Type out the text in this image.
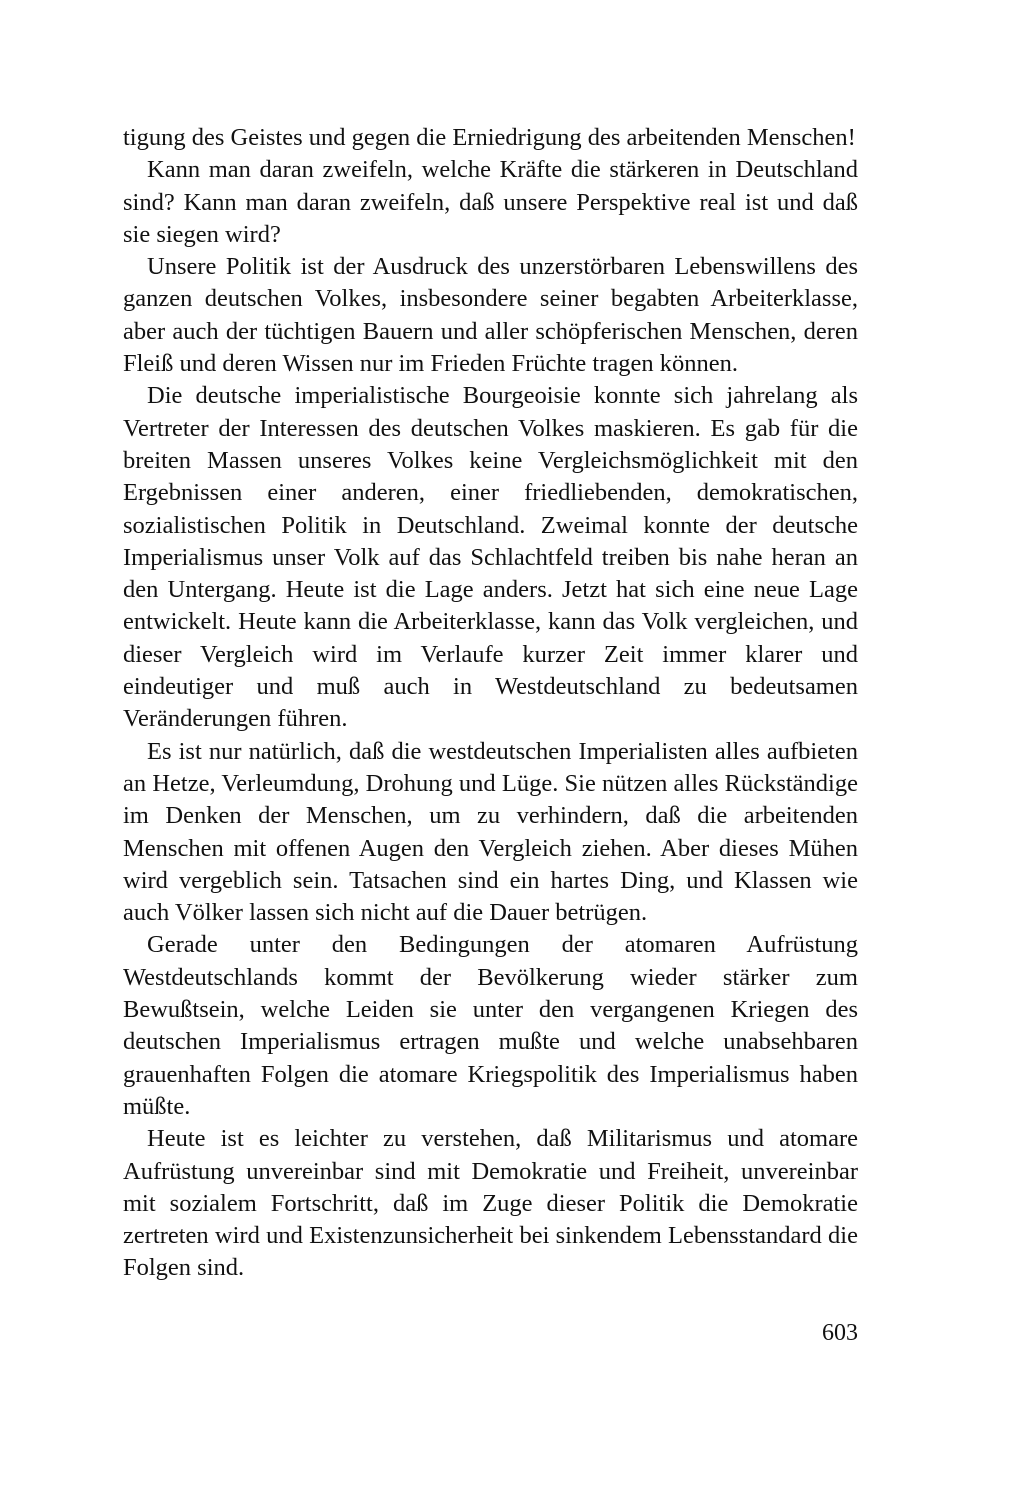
tigung des Geistes und gegen die Erniedrigung des arbeitenden Menschen!

Kann man daran zweifeln, welche Kräfte die stärkeren in Deutschland sind? Kann man daran zweifeln, daß unsere Perspektive real ist und daß sie siegen wird?

Unsere Politik ist der Ausdruck des unzerstörbaren Lebenswillens des ganzen deutschen Volkes, insbesondere seiner begabten Arbeiterklasse, aber auch der tüchtigen Bauern und aller schöpferischen Menschen, deren Fleiß und deren Wissen nur im Frieden Früchte tragen können.

Die deutsche imperialistische Bourgeoisie konnte sich jahrelang als Vertreter der Interessen des deutschen Volkes maskieren. Es gab für die breiten Massen unseres Volkes keine Vergleichsmöglichkeit mit den Ergebnissen einer anderen, einer friedliebenden, demokratischen, sozialistischen Politik in Deutschland. Zweimal konnte der deutsche Imperialismus unser Volk auf das Schlachtfeld treiben bis nahe heran an den Untergang. Heute ist die Lage anders. Jetzt hat sich eine neue Lage entwickelt. Heute kann die Arbeiterklasse, kann das Volk vergleichen, und dieser Vergleich wird im Verlaufe kurzer Zeit immer klarer und eindeutiger und muß auch in Westdeutschland zu bedeutsamen Veränderungen führen.

Es ist nur natürlich, daß die westdeutschen Imperialisten alles aufbieten an Hetze, Verleumdung, Drohung und Lüge. Sie nützen alles Rückständige im Denken der Menschen, um zu verhindern, daß die arbeitenden Menschen mit offenen Augen den Vergleich ziehen. Aber dieses Mühen wird vergeblich sein. Tatsachen sind ein hartes Ding, und Klassen wie auch Völker lassen sich nicht auf die Dauer betrügen.

Gerade unter den Bedingungen der atomaren Aufrüstung Westdeutschlands kommt der Bevölkerung wieder stärker zum Bewußtsein, welche Leiden sie unter den vergangenen Kriegen des deutschen Imperialismus ertragen mußte und welche unabsehbaren grauenhaften Folgen die atomare Kriegspolitik des Imperialismus haben müßte.

Heute ist es leichter zu verstehen, daß Militarismus und atomare Aufrüstung unvereinbar sind mit Demokratie und Freiheit, unvereinbar mit sozialem Fortschritt, daß im Zuge dieser Politik die Demokratie zertreten wird und Existenzunsicherheit bei sinkendem Lebensstandard die Folgen sind.

603
